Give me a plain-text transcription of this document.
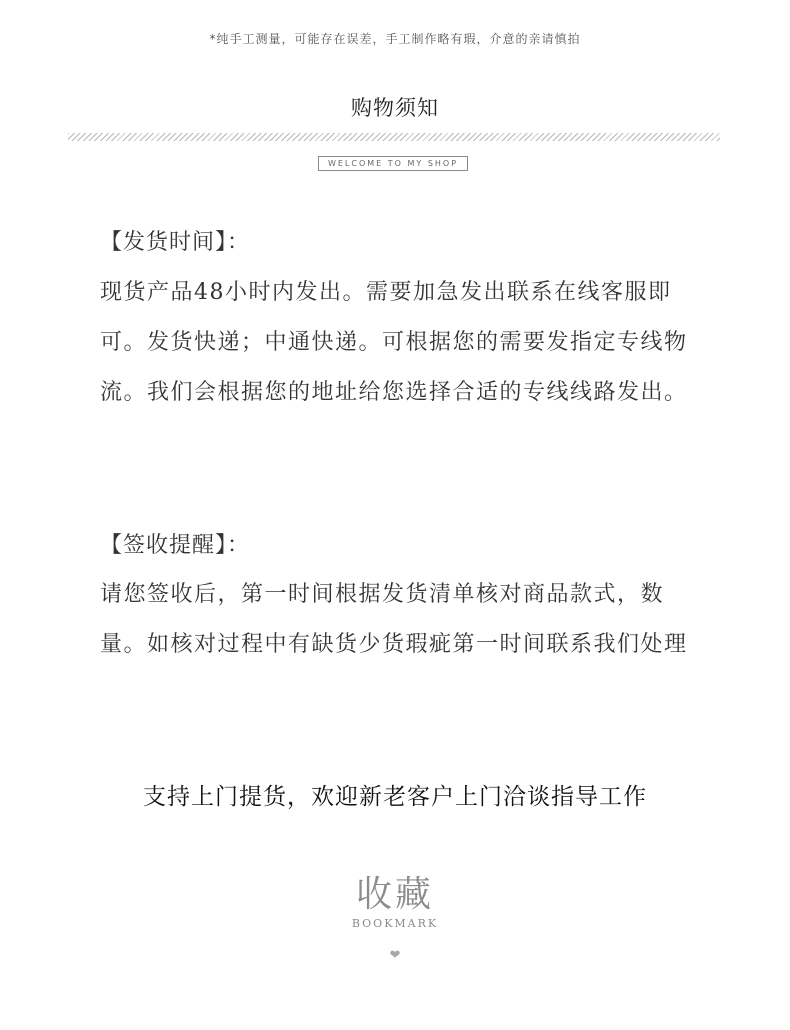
*纯手工测量，可能存在误差，手工制作略有瑕，介意的亲请慎拍
购物须知
WELCOME TO MY SHOP
【发货时间】：
现货产品48小时内发出。需要加急发出联系在线客服即可。发货快递；中通快递。可根据您的需要发指定专线物流。我们会根据您的地址给您选择合适的专线线路发出。
【签收提醒】：
请您签收后，第一时间根据发货清单核对商品款式，数量。如核对过程中有缺货少货瑕疵第一时间联系我们处理
支持上门提货，欢迎新老客户上门洽谈指导工作
收藏
BOOKMARK
❤
